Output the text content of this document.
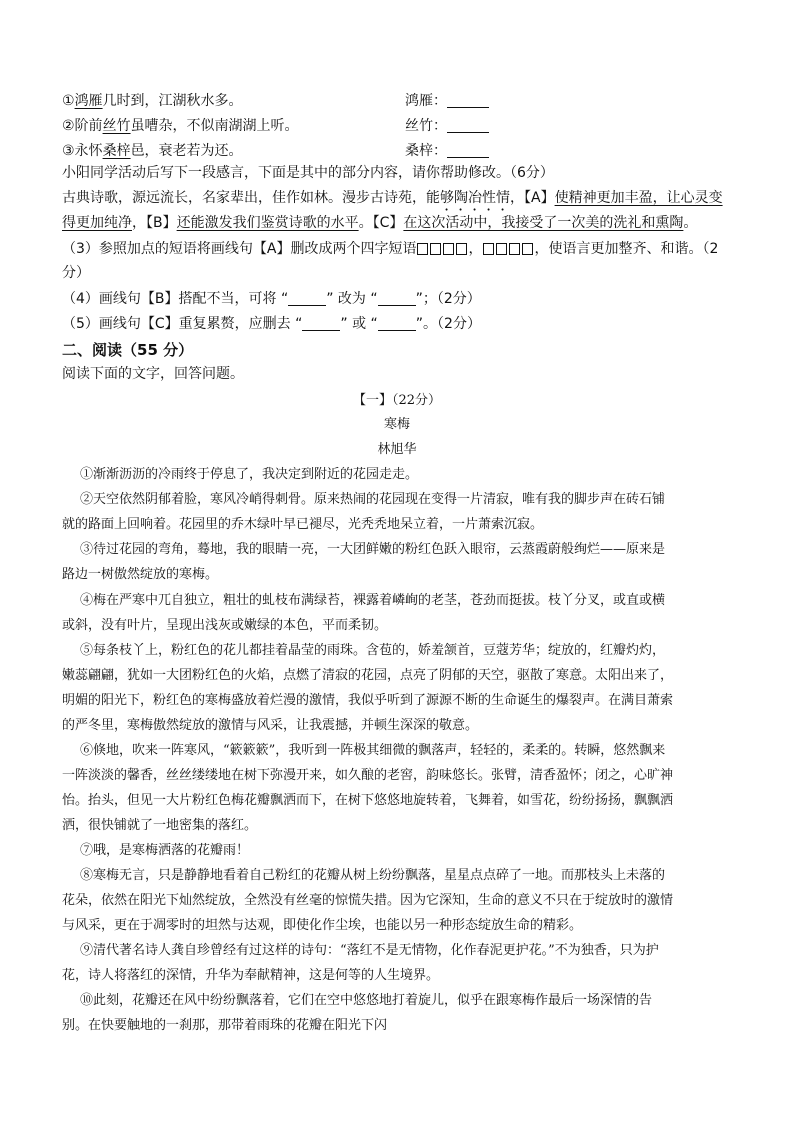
①鸿雁几时到，江湖秋水多。	鸿雁：
②阶前丝竹虽嘈杂，不似南湖湖上听。	丝竹：
③永怀桑梓邑，衰老若为还。	桑梓：
小阳同学活动后写下一段感言，下面是其中的部分内容，请你帮助修改。（6分）
古典诗歌，源远流长，名家辈出，佳作如林。漫步古诗苑，能够陶冶性情，【A】使精神更加丰盈，让心灵变
得更加纯净，【B】还能激发我们鉴赏诗歌的水平。【C】在这次活动中，我接受了一次美的洗礼和熏陶。
（3）参照加点的短语将画线句【A】删改成两个四字短语	，	，使语言更加整齐、和谐。（2
分）
（4）画线句【B】搭配不当，可将 “	” 改为 “	”；（2分）
（5）画线句【C】重复累赘，应删去 “	” 或 “	”。（2分）
二、阅读（55 分）
阅读下面的文字，回答问题。
【一】（22分）
寒梅
林旭华
①渐渐沥沥的冷雨终于停息了，我决定到附近的花园走走。
②天空依然阴郁着脸，寒风冷峭得刺骨。原来热闹的花园现在变得一片清寂，唯有我的脚步声在砖石铺
就的路面上回响着。花园里的乔木绿叶早已褪尽，光秃秃地呆立着，一片萧索沉寂。
③待过花园的弯角，蓦地，我的眼睛一亮，一大团鲜嫩的粉红色跃入眼帘，云蒸霞蔚般绚烂——原来是
路边一树傲然绽放的寒梅。
④梅在严寒中兀自独立，粗壮的虬枝布满绿苔，裸露着嶙峋的老茎，苍劲而挺拔。枝丫分叉，或直或横
或斜，没有叶片，呈现出浅灰或嫩绿的本色，平而柔韧。
⑤每条枝丫上，粉红色的花儿都挂着晶莹的雨珠。含苞的，娇羞颔首，豆蔻芳华；绽放的，红瓣灼灼，
嫩蕊翩翩，犹如一大团粉红色的火焰，点燃了清寂的花园，点亮了阴郁的天空，驱散了寒意。太阳出来了，
明媚的阳光下，粉红色的寒梅盛放着烂漫的激情，我似乎听到了源源不断的生命诞生的爆裂声。在满目萧索
的严冬里，寒梅傲然绽放的激情与风采，让我震撼，并顿生深深的敬意。
⑥倏地，吹来一阵寒风，“簌簌簌”，我听到一阵极其细微的飘落声，轻轻的，柔柔的。转瞬，悠然飘来
一阵淡淡的馨香，丝丝缕缕地在树下弥漫开来，如久酿的老窖，韵味悠长。张臂，清香盈怀；闭之，心旷神
怡。抬头，但见一大片粉红色梅花瓣飘洒而下，在树下悠悠地旋转着，飞舞着，如雪花，纷纷扬扬，飘飘洒
洒，很快铺就了一地密集的落红。
⑦哦，是寒梅洒落的花瓣雨！
⑧寒梅无言，只是静静地看着自己粉红的花瓣从树上纷纷飘落，星星点点碎了一地。而那枝头上未落的
花朵，依然在阳光下灿然绽放，全然没有丝毫的惊慌失措。因为它深知，生命的意义不只在于绽放时的激情
与风采，更在于凋零时的坦然与达观，即使化作尘埃，也能以另一种形态绽放生命的精彩。
⑨清代著名诗人龚自珍曾经有过这样的诗句：“落红不是无情物，化作春泥更护花。”不为独香，只为护
花，诗人将落红的深情，升华为奉献精神，这是何等的人生境界。
⑩此刻，花瓣还在风中纷纷飘落着，它们在空中悠悠地打着旋儿，似乎在跟寒梅作最后一场深情的告
别。在快要触地的一刹那，那带着雨珠的花瓣在阳光下闪
